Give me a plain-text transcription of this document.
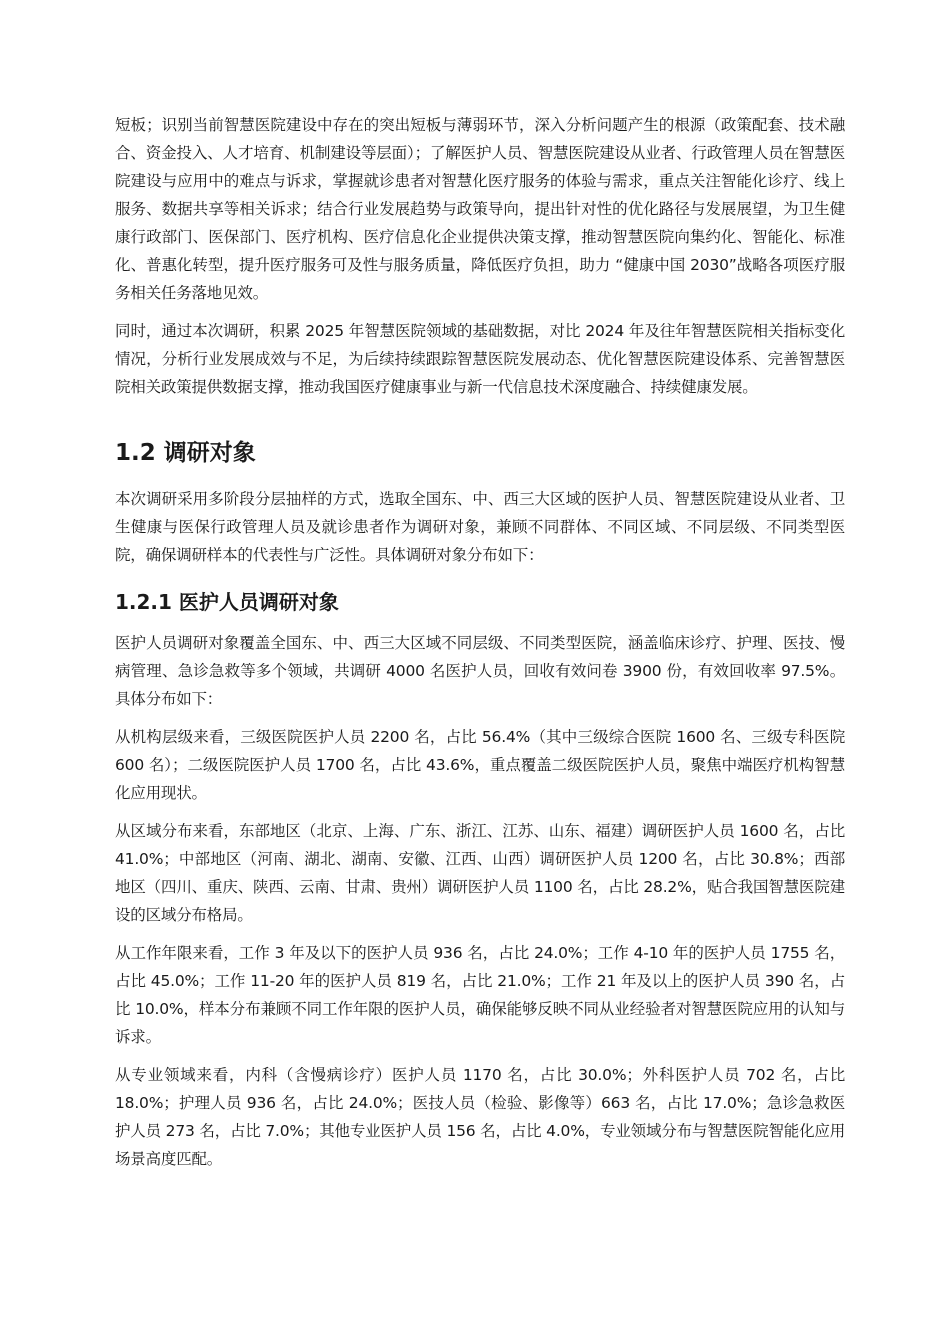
短板；识别当前智慧医院建设中存在的突出短板与薄弱环节，深入分析问题产生的根源（政策配套、技术融合、资金投入、人才培育、机制建设等层面）；了解医护人员、智慧医院建设从业者、行政管理人员在智慧医院建设与应用中的难点与诉求，掌握就诊患者对智慧化医疗服务的体验与需求，重点关注智能化诊疗、线上服务、数据共享等相关诉求；结合行业发展趋势与政策导向，提出针对性的优化路径与发展展望，为卫生健康行政部门、医保部门、医疗机构、医疗信息化企业提供决策支撑，推动智慧医院向集约化、智能化、标准化、普惠化转型，提升医疗服务可及性与服务质量，降低医疗负担，助力 “健康中国 2030”战略各项医疗服务相关任务落地见效。

同时，通过本次调研，积累 2025 年智慧医院领域的基础数据，对比 2024 年及往年智慧医院相关指标变化情况，分析行业发展成效与不足，为后续持续跟踪智慧医院发展动态、优化智慧医院建设体系、完善智慧医院相关政策提供数据支撑，推动我国医疗健康事业与新一代信息技术深度融合、持续健康发展。

1.2 调研对象

本次调研采用多阶段分层抽样的方式，选取全国东、中、西三大区域的医护人员、智慧医院建设从业者、卫生健康与医保行政管理人员及就诊患者作为调研对象，兼顾不同群体、不同区域、不同层级、不同类型医院，确保调研样本的代表性与广泛性。具体调研对象分布如下：

1.2.1 医护人员调研对象

医护人员调研对象覆盖全国东、中、西三大区域不同层级、不同类型医院，涵盖临床诊疗、护理、医技、慢病管理、急诊急救等多个领域，共调研 4000 名医护人员，回收有效问卷 3900 份，有效回收率 97.5%。具体分布如下：

从机构层级来看，三级医院医护人员 2200 名，占比 56.4%（其中三级综合医院 1600 名、三级专科医院 600 名）；二级医院医护人员 1700 名，占比 43.6%，重点覆盖二级医院医护人员，聚焦中端医疗机构智慧化应用现状。

从区域分布来看，东部地区（北京、上海、广东、浙江、江苏、山东、福建）调研医护人员 1600 名，占比 41.0%；中部地区（河南、湖北、湖南、安徽、江西、山西）调研医护人员 1200 名，占比 30.8%；西部地区（四川、重庆、陕西、云南、甘肃、贵州）调研医护人员 1100 名，占比 28.2%，贴合我国智慧医院建设的区域分布格局。

从工作年限来看，工作 3 年及以下的医护人员 936 名，占比 24.0%；工作 4-10 年的医护人员 1755 名，占比 45.0%；工作 11-20 年的医护人员 819 名，占比 21.0%；工作 21 年及以上的医护人员 390 名，占比 10.0%，样本分布兼顾不同工作年限的医护人员，确保能够反映不同从业经验者对智慧医院应用的认知与诉求。

从专业领域来看，内科（含慢病诊疗）医护人员 1170 名，占比 30.0%；外科医护人员 702 名，占比 18.0%；护理人员 936 名，占比 24.0%；医技人员（检验、影像等）663 名，占比 17.0%；急诊急救医护人员 273 名，占比 7.0%；其他专业医护人员 156 名，占比 4.0%，专业领域分布与智慧医院智能化应用场景高度匹配。
